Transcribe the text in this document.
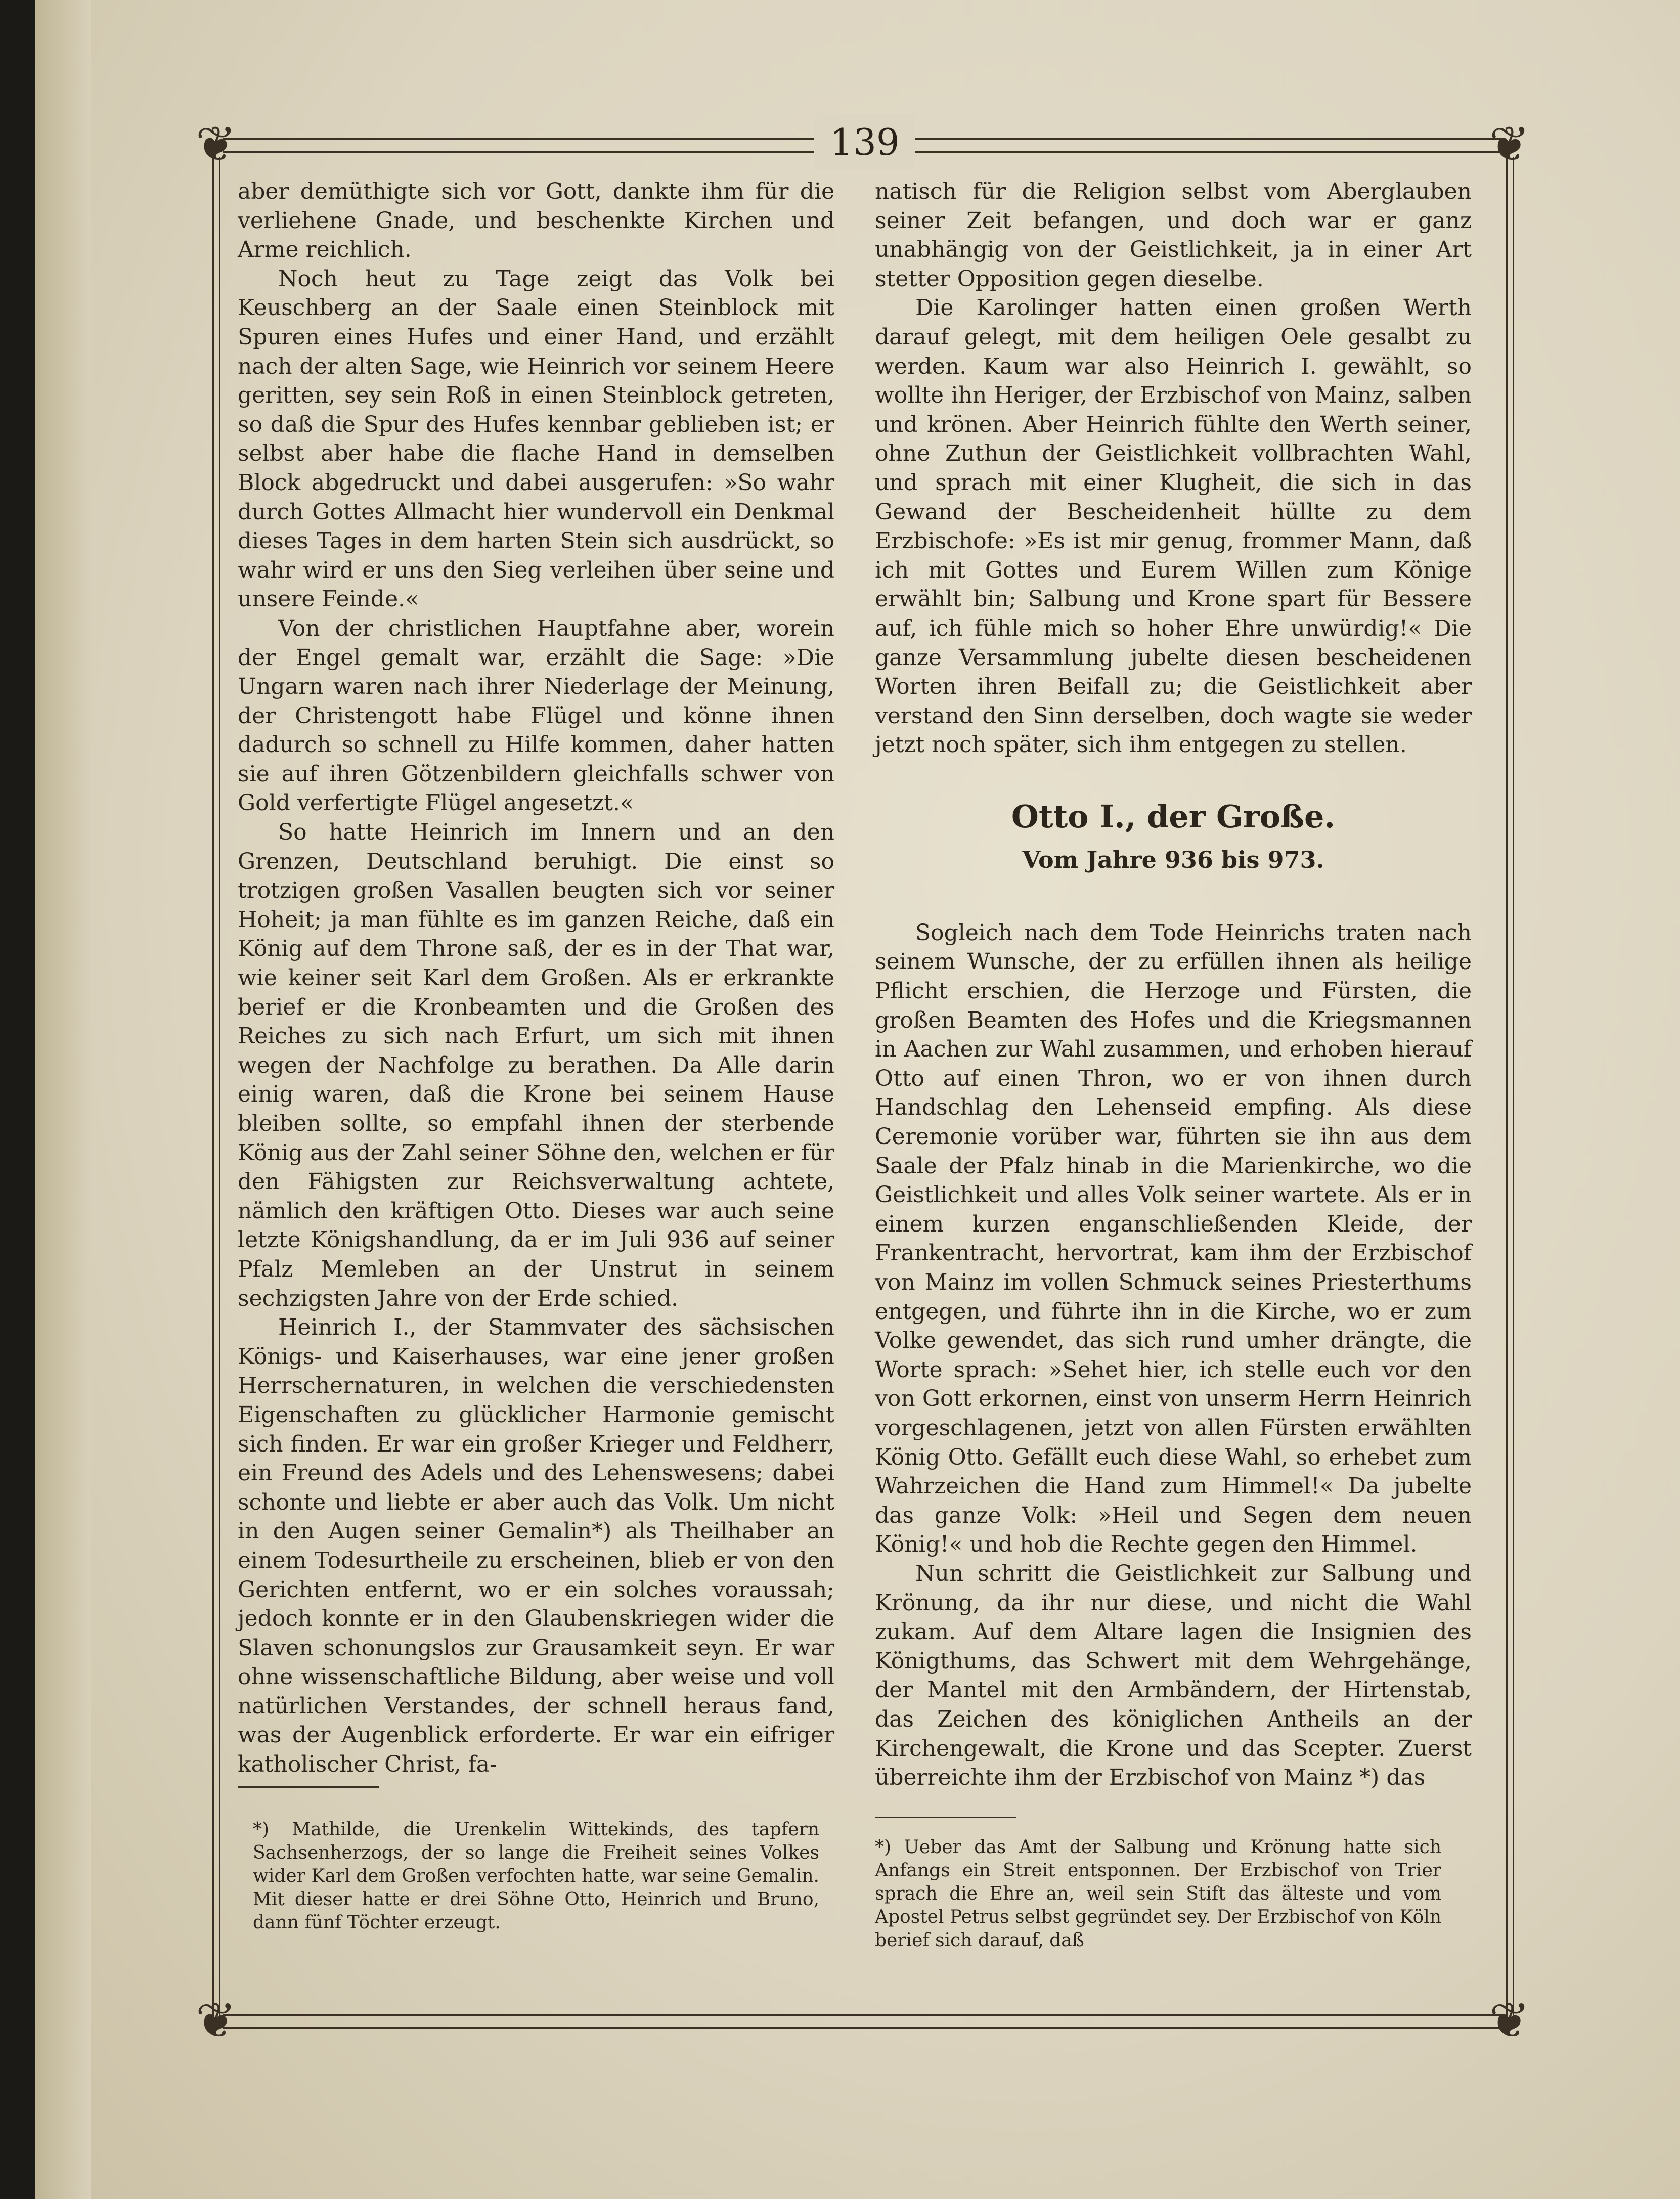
❦	❦
❦	❦
139

aber demüthigte sich vor Gott, dankte ihm für die verliehene Gnade, und beschenkte Kirchen und Arme reichlich.

Noch heut zu Tage zeigt das Volk bei Keuschberg an der Saale einen Steinblock mit Spuren eines Hufes und einer Hand, und erzählt nach der alten Sage, wie Heinrich vor seinem Heere geritten, sey sein Roß in einen Steinblock getreten, so daß die Spur des Hufes kennbar geblieben ist; er selbst aber habe die flache Hand in demselben Block abgedruckt und dabei ausgerufen: »So wahr durch Gottes Allmacht hier wundervoll ein Denkmal dieses Tages in dem harten Stein sich ausdrückt, so wahr wird er uns den Sieg verleihen über seine und unsere Feinde.«

Von der christlichen Hauptfahne aber, worein der Engel gemalt war, erzählt die Sage: »Die Ungarn waren nach ihrer Niederlage der Meinung, der Christengott habe Flügel und könne ihnen dadurch so schnell zu Hilfe kommen, daher hatten sie auf ihren Götzenbildern gleichfalls schwer von Gold verfertigte Flügel angesetzt.«

So hatte Heinrich im Innern und an den Grenzen, Deutschland beruhigt. Die einst so trotzigen großen Vasallen beugten sich vor seiner Hoheit; ja man fühlte es im ganzen Reiche, daß ein König auf dem Throne saß, der es in der That war, wie keiner seit Karl dem Großen. Als er erkrankte berief er die Kronbeamten und die Großen des Reiches zu sich nach Erfurt, um sich mit ihnen wegen der Nachfolge zu berathen. Da Alle darin einig waren, daß die Krone bei seinem Hause bleiben sollte, so empfahl ihnen der sterbende König aus der Zahl seiner Söhne den, welchen er für den Fähigsten zur Reichsverwaltung achtete, nämlich den kräftigen Otto. Dieses war auch seine letzte Königshandlung, da er im Juli 936 auf seiner Pfalz Memleben an der Unstrut in seinem sechzigsten Jahre von der Erde schied.

Heinrich I., der Stammvater des sächsischen Königs- und Kaiserhauses, war eine jener großen Herrschernaturen, in welchen die verschiedensten Eigenschaften zu glücklicher Harmonie gemischt sich finden. Er war ein großer Krieger und Feldherr, ein Freund des Adels und des Lehenswesens; dabei schonte und liebte er aber auch das Volk. Um nicht in den Augen seiner Gemalin*) als Theilhaber an einem Todesurtheile zu erscheinen, blieb er von den Gerichten entfernt, wo er ein solches voraussah; jedoch konnte er in den Glaubenskriegen wider die Slaven schonungslos zur Grausamkeit seyn. Er war ohne wissenschaftliche Bildung, aber weise und voll natürlichen Verstandes, der schnell heraus fand, was der Augenblick erforderte. Er war ein eifriger katholischer Christ, fa-

natisch für die Religion selbst vom Aberglauben seiner Zeit befangen, und doch war er ganz unabhängig von der Geistlichkeit, ja in einer Art stetter Opposition gegen dieselbe.

Die Karolinger hatten einen großen Werth darauf gelegt, mit dem heiligen Oele gesalbt zu werden. Kaum war also Heinrich I. gewählt, so wollte ihn Heriger, der Erzbischof von Mainz, salben und krönen. Aber Heinrich fühlte den Werth seiner, ohne Zuthun der Geistlichkeit vollbrachten Wahl, und sprach mit einer Klugheit, die sich in das Gewand der Bescheidenheit hüllte zu dem Erzbischofe: »Es ist mir genug, frommer Mann, daß ich mit Gottes und Eurem Willen zum Könige erwählt bin; Salbung und Krone spart für Bessere auf, ich fühle mich so hoher Ehre unwürdig!« Die ganze Versammlung jubelte diesen bescheidenen Worten ihren Beifall zu; die Geistlichkeit aber verstand den Sinn derselben, doch wagte sie weder jetzt noch später, sich ihm entgegen zu stellen.

Otto I., der Große.
Vom Jahre 936 bis 973.

Sogleich nach dem Tode Heinrichs traten nach seinem Wunsche, der zu erfüllen ihnen als heilige Pflicht erschien, die Herzoge und Fürsten, die großen Beamten des Hofes und die Kriegsmannen in Aachen zur Wahl zusammen, und erhoben hierauf Otto auf einen Thron, wo er von ihnen durch Handschlag den Lehenseid empfing. Als diese Ceremonie vorüber war, führten sie ihn aus dem Saale der Pfalz hinab in die Marienkirche, wo die Geistlichkeit und alles Volk seiner wartete. Als er in einem kurzen enganschließenden Kleide, der Frankentracht, hervortrat, kam ihm der Erzbischof von Mainz im vollen Schmuck seines Priesterthums entgegen, und führte ihn in die Kirche, wo er zum Volke gewendet, das sich rund umher drängte, die Worte sprach: »Sehet hier, ich stelle euch vor den von Gott erkornen, einst von unserm Herrn Heinrich vorgeschlagenen, jetzt von allen Fürsten erwählten König Otto. Gefällt euch diese Wahl, so erhebet zum Wahrzeichen die Hand zum Himmel!« Da jubelte das ganze Volk: »Heil und Segen dem neuen König!« und hob die Rechte gegen den Himmel.

Nun schritt die Geistlichkeit zur Salbung und Krönung, da ihr nur diese, und nicht die Wahl zukam. Auf dem Altare lagen die Insignien des Königthums, das Schwert mit dem Wehrgehänge, der Mantel mit den Armbändern, der Hirtenstab, das Zeichen des königlichen Antheils an der Kirchengewalt, die Krone und das Scepter. Zuerst überreichte ihm der Erzbischof von Mainz *) das

*) Mathilde, die Urenkelin Wittekinds, des tapfern Sachsenherzogs, der so lange die Freiheit seines Volkes wider Karl dem Großen verfochten hatte, war seine Gemalin. Mit dieser hatte er drei Söhne Otto, Heinrich und Bruno, dann fünf Töchter erzeugt.
*) Ueber das Amt der Salbung und Krönung hatte sich Anfangs ein Streit entsponnen. Der Erzbischof von Trier sprach die Ehre an, weil sein Stift das älteste und vom Apostel Petrus selbst gegründet sey. Der Erzbischof von Köln berief sich darauf, daß
